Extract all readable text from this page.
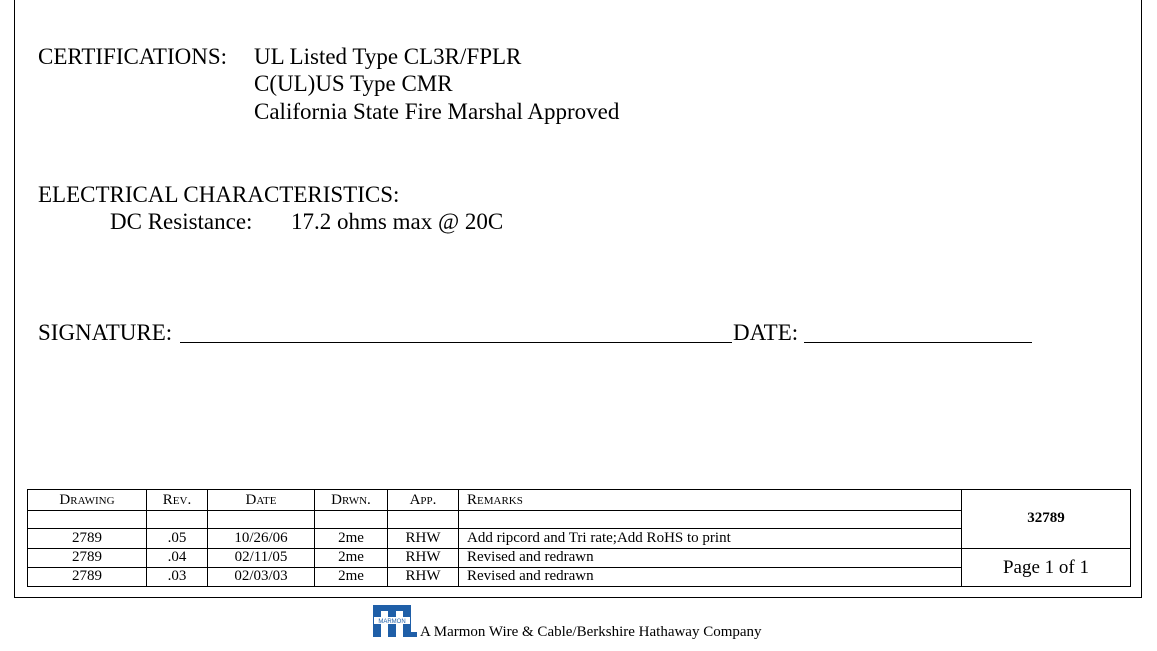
CERTIFICATIONS: UL Listed Type CL3R/FPLR
C(UL)US Type CMR
California State Fire Marshal Approved
ELECTRICAL CHARACTERISTICS:
DC Resistance: 17.2 ohms max @ 20C
SIGNATURE:	DATE:
Drawing	Rev.	Date	Drwn.	App.	Remarks	32789

2789	.05	10/26/06	2me	RHW	Add ripcord and Tri rate;Add RoHS to print	
2789	.04	02/11/05	2me	RHW	Revised and redrawn	Page 1 of 1
2789	.03	02/03/03	2me	RHW	Revised and redrawn	
MARMON
A Marmon Wire & Cable/Berkshire Hathaway Company
